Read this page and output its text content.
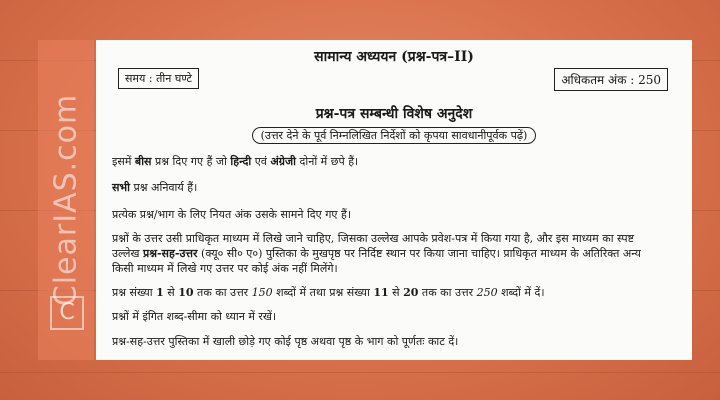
ClearIAS.com
C
सामान्य अध्ययन (प्रश्न-पत्र–II)
समय : तीन घण्टे	अधिकतम अंक : 250
प्रश्न-पत्र सम्बन्धी विशेष अनुदेश
(उत्तर देने के पूर्व निम्नलिखित निर्देशों को कृपया सावधानीपूर्वक पढ़ें)
इसमें बीस प्रश्न दिए गए हैं जो हिन्दी एवं अंग्रेजी दोनों में छपे हैं।
सभी प्रश्न अनिवार्य हैं।
प्रत्येक प्रश्न/भाग के लिए नियत अंक उसके सामने दिए गए हैं।
प्रश्नों के उत्तर उसी प्राधिकृत माध्यम में लिखे जाने चाहिए, जिसका उल्लेख आपके प्रवेश-पत्र में किया गया है, और इस माध्यम का स्पष्ट
उल्लेख प्रश्न-सह-उत्तर (क्यू० सी० ए०) पुस्तिका के मुखपृष्ठ पर निर्दिष्ट स्थान पर किया जाना चाहिए। प्राधिकृत माध्यम के अतिरिक्त अन्य
किसी माध्यम में लिखे गए उत्तर पर कोई अंक नहीं मिलेंगे।
प्रश्न संख्या 1 से 10 तक का उत्तर 150 शब्दों में तथा प्रश्न संख्या 11 से 20 तक का उत्तर 250 शब्दों में दें।
प्रश्नों में इंगित शब्द-सीमा को ध्यान में रखें।
प्रश्न-सह-उत्तर पुस्तिका में खाली छोड़े गए कोई पृष्ठ अथवा पृष्ठ के भाग को पूर्णतः काट दें।
